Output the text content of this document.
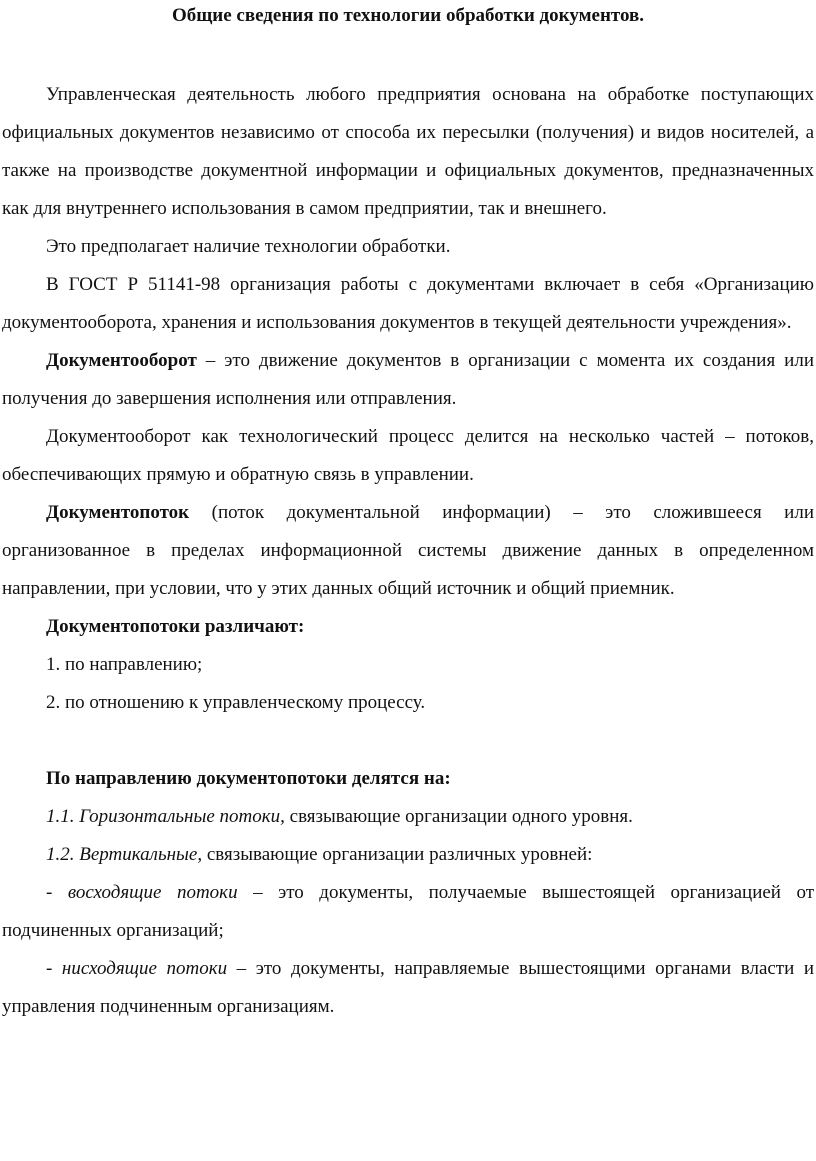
Общие сведения по технологии обработки документов.

Управленческая деятельность любого предприятия основана на обработке поступающих официальных документов независимо от способа их пересылки (получения) и видов носителей, а также на производстве документной информации и официальных документов, предназначенных как для внутреннего использования в самом предприятии, так и внешнего.

Это предполагает наличие технологии обработки.

В ГОСТ Р 51141-98 организация работы с документами включает в себя «Организацию документооборота, хранения и использования документов в текущей деятельности учреждения».

Документооборот – это движение документов в организации с момента их создания или получения до завершения исполнения или отправления.

Документооборот как технологический процесс делится на несколько частей – потоков, обеспечивающих прямую и обратную связь в управлении.

Документопоток (поток документальной информации) – это сложившееся или организованное в пределах информационной системы движение данных в определенном направлении, при условии, что у этих данных общий источник и общий приемник.

Документопотоки различают:
1. по направлению;
2. по отношению к управленческому процессу.
По направлению документопотоки делятся на:
1.1. Горизонтальные потоки, связывающие организации одного уровня.
1.2. Вертикальные, связывающие организации различных уровней:

- восходящие потоки – это документы, получаемые вышестоящей организацией от подчиненных организаций;

- нисходящие потоки – это документы, направляемые вышестоящими органами власти и управления подчиненным организациям.
